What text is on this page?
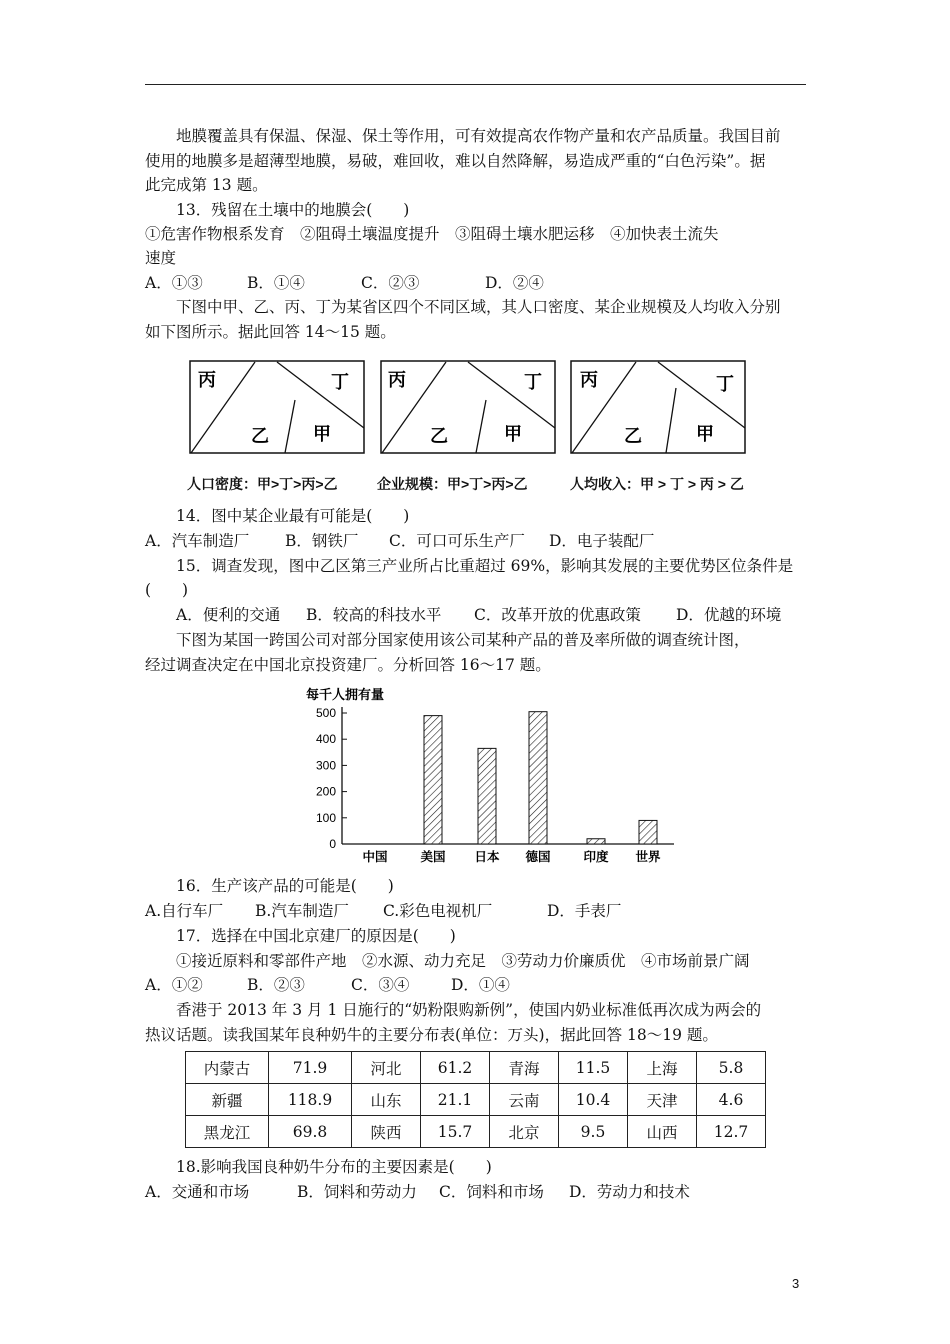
地膜覆盖具有保温、保湿、保土等作用，可有效提高农作物产量和农产品质量。我国目前
使用的地膜多是超薄型地膜，易破，难回收，难以自然降解，易造成严重的“白色污染”。据
此完成第 13 题。
13．残留在土壤中的地膜会(　　)
①危害作物根系发育　②阻碍土壤温度提升　③阻碍土壤水肥运移　④加快表土流失
速度
A．①③	B．①④	C．②③	D．②④
下图中甲、乙、丙、丁为某省区四个不同区域，其人口密度、某企业规模及人均收入分别
如下图所示。据此回答 14～15 题。
丙	丁
乙 甲
丙	丁
乙	甲
丙	丁
乙	甲
人口密度：甲>丁>丙>乙	企业规模：甲>丁>丙>乙	人均收入：甲 > 丁 > 丙 > 乙
14．图中某企业最有可能是(　　)
A．汽车制造厂 B．钢铁厂 C．可口可乐生产厂 D．电子装配厂
15．调查发现，图中乙区第三产业所占比重超过 69%，影响其发展的主要优势区位条件是
(　　)
A．便利的交通 B．较高的科技水平 C．改革开放的优惠政策 D．优越的环境
下图为某国一跨国公司对部分国家使用该公司某种产品的普及率所做的调查统计图，
经过调查决定在中国北京投资建厂。分析回答 16～17 题。
每千人拥有量
0
100
200
300
400
500
中国	美国 日本 德国	印度 世界
16．生产该产品的可能是(　　)
A.自行车厂 B.汽车制造厂 C.彩色电视机厂	D．手表厂
17．选择在中国北京建厂的原因是(　　)
①接近原料和零部件产地　②水源、动力充足　③劳动力价廉质优　④市场前景广阔
A．①②	B．②③	C．③④	D．①④
香港于 2013 年 3 月 1 日施行的“奶粉限购新例”，使国内奶业标准低再次成为两会的
热议话题。读我国某年良种奶牛的主要分布表(单位：万头)，据此回答 18～19 题。
内蒙古	71.9	河北	61.2	青海	11.5	上海	5.8
新疆	118.9	山东	21.1	云南	10.4	天津	4.6
黑龙江	69.8	陕西	15.7	北京	9.5	山西	12.7
18.影响我国良种奶牛分布的主要因素是(　　)
A．交通和市场	B．饲料和劳动力 C．饲料和市场 D．劳动力和技术
3
